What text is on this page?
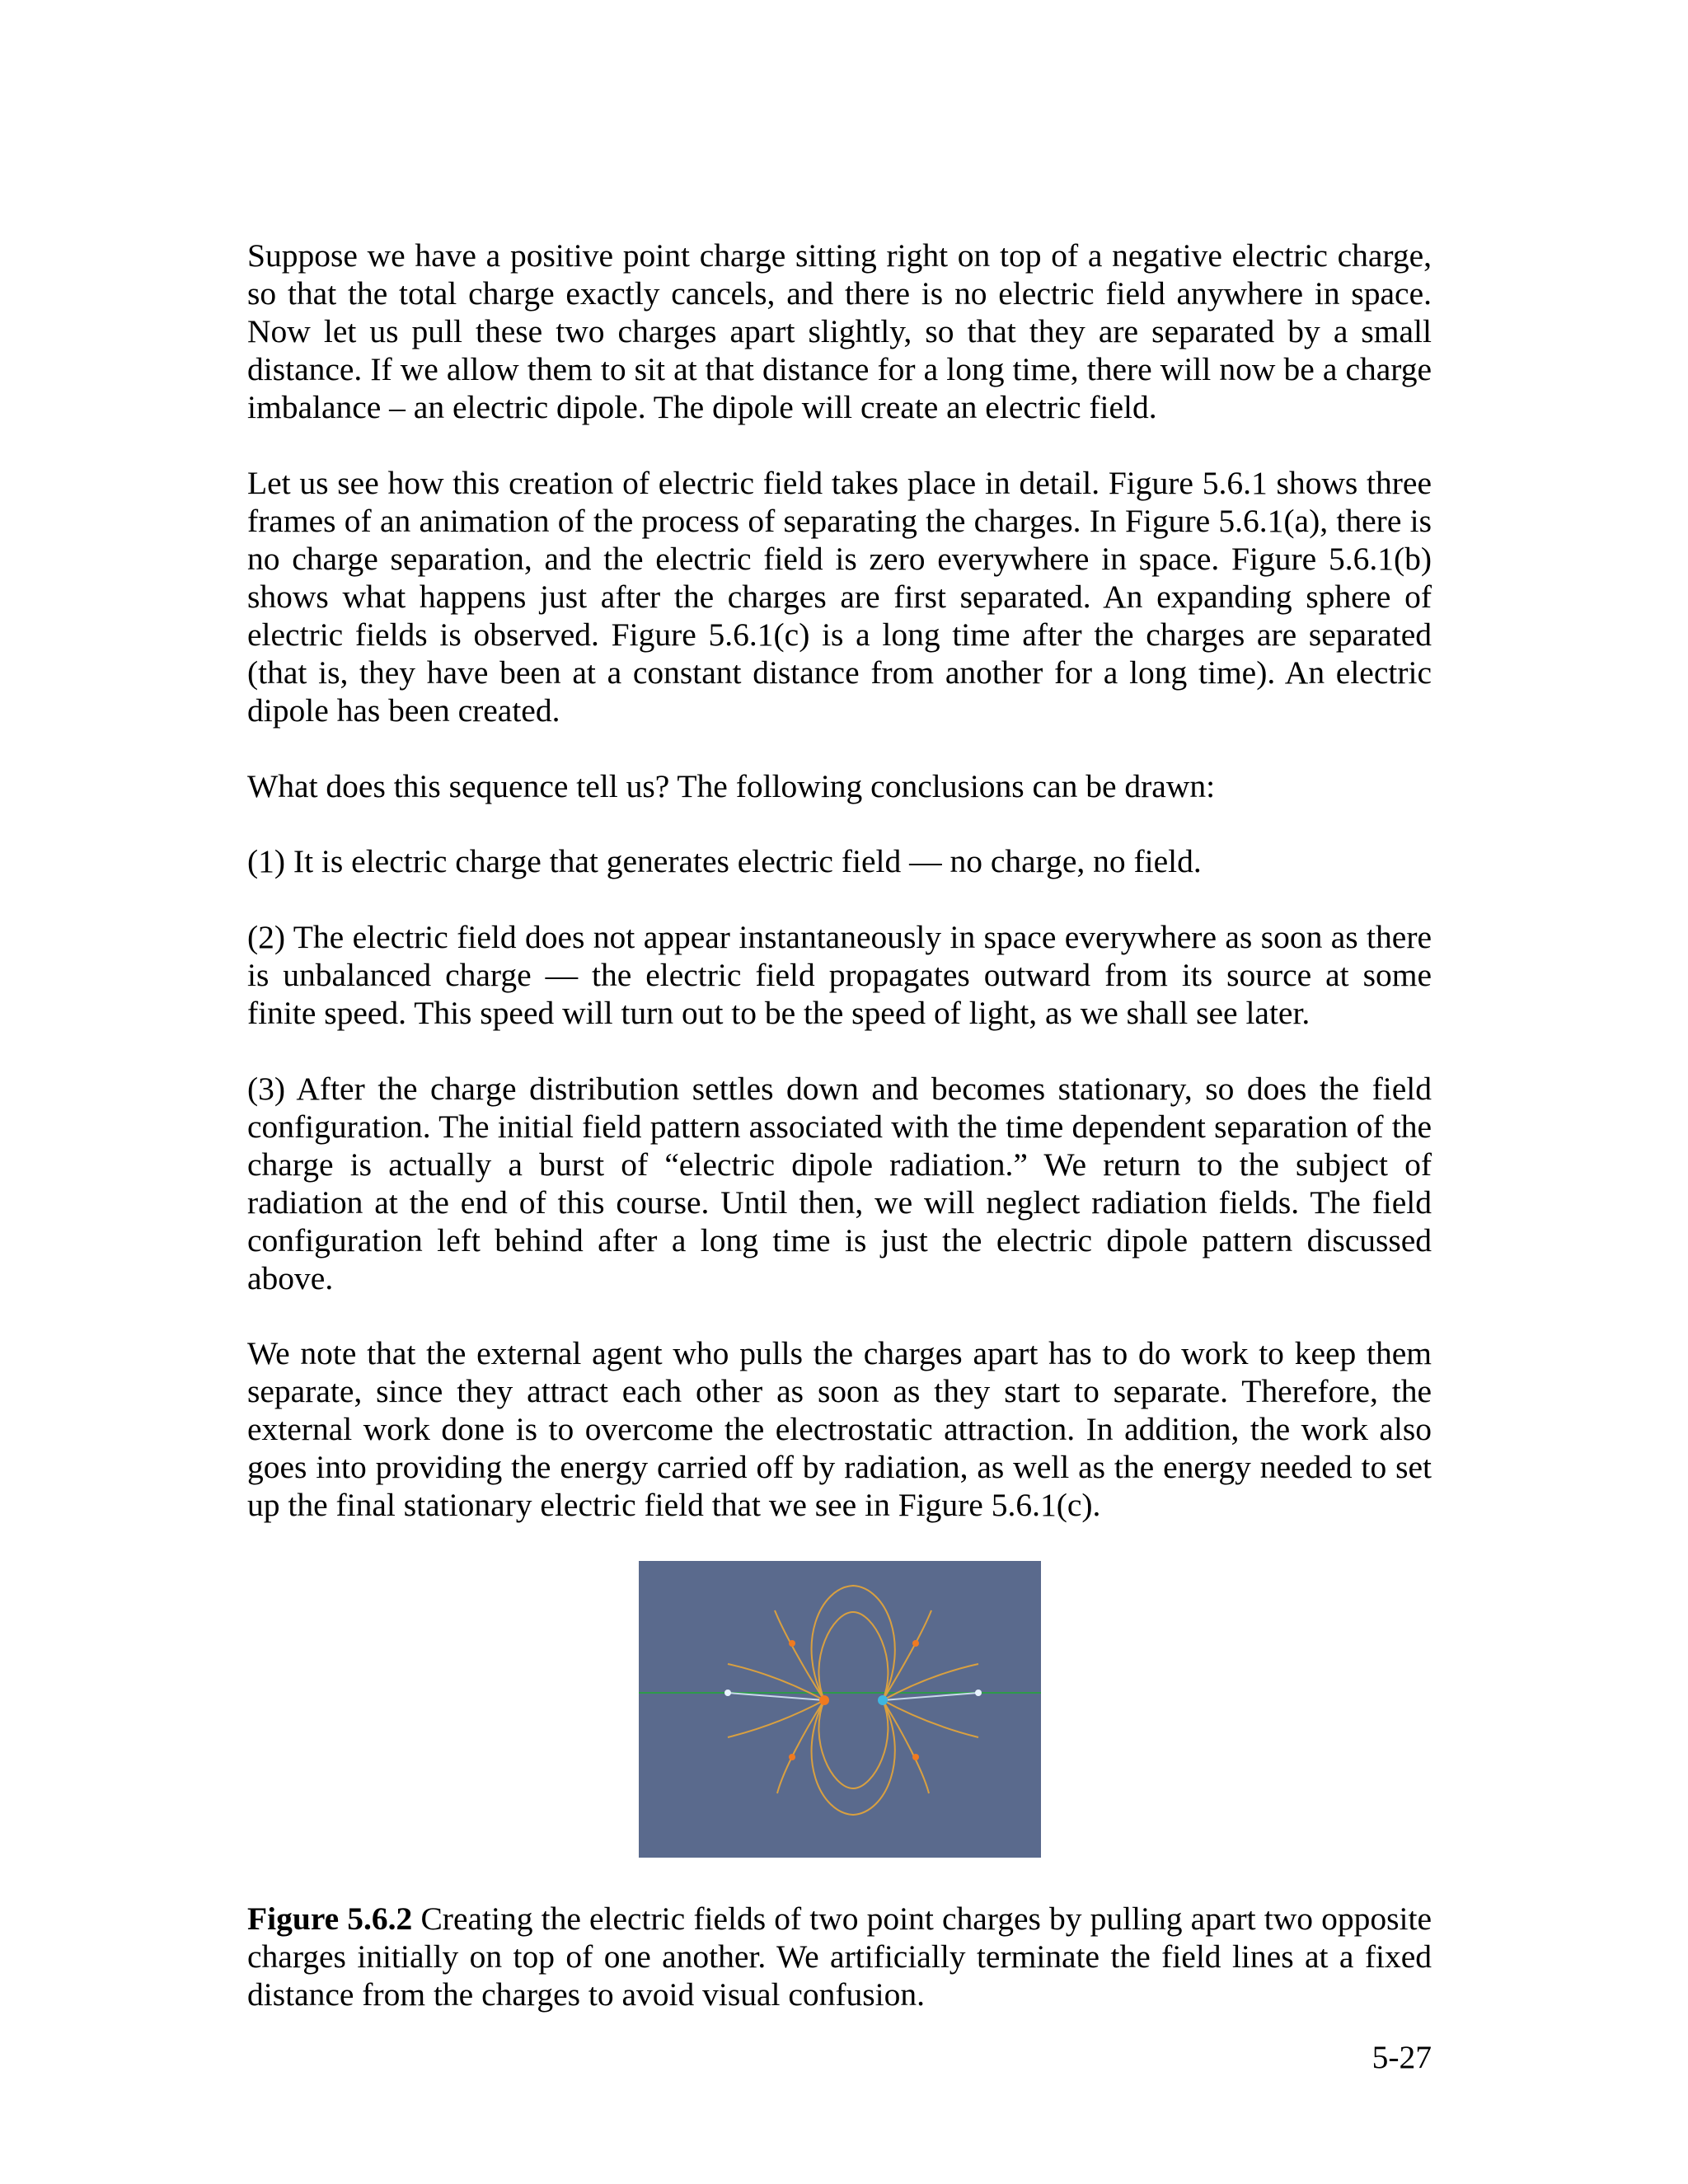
Suppose we have a positive point charge sitting right on top of a negative electric charge, so that the total charge exactly cancels, and there is no electric field anywhere in space. Now let us pull these two charges apart slightly, so that they are separated by a small distance. If we allow them to sit at that distance for a long time, there will now be a charge imbalance – an electric dipole. The dipole will create an electric field.

Let us see how this creation of electric field takes place in detail. Figure 5.6.1 shows three frames of an animation of the process of separating the charges. In Figure 5.6.1(a), there is no charge separation, and the electric field is zero everywhere in space. Figure 5.6.1(b) shows what happens just after the charges are first separated. An expanding sphere of electric fields is observed. Figure 5.6.1(c) is a long time after the charges are separated (that is, they have been at a constant distance from another for a long time). An electric dipole has been created.

What does this sequence tell us? The following conclusions can be drawn:

(1) It is electric charge that generates electric field — no charge, no field.

(2) The electric field does not appear instantaneously in space everywhere as soon as there is unbalanced charge — the electric field propagates outward from its source at some finite speed. This speed will turn out to be the speed of light, as we shall see later.

(3) After the charge distribution settles down and becomes stationary, so does the field configuration. The initial field pattern associated with the time dependent separation of the charge is actually a burst of “electric dipole radiation.” We return to the subject of radiation at the end of this course. Until then, we will neglect radiation fields. The field configuration left behind after a long time is just the electric dipole pattern discussed above.

We note that the external agent who pulls the charges apart has to do work to keep them separate, since they attract each other as soon as they start to separate. Therefore, the external work done is to overcome the electrostatic attraction. In addition, the work also goes into providing the energy carried off by radiation, as well as the energy needed to set up the final stationary electric field that we see in Figure 5.6.1(c).

Figure 5.6.2 Creating the electric fields of two point charges by pulling apart two opposite charges initially on top of one another. We artificially terminate the field lines at a fixed distance from the charges to avoid visual confusion.

5-27
